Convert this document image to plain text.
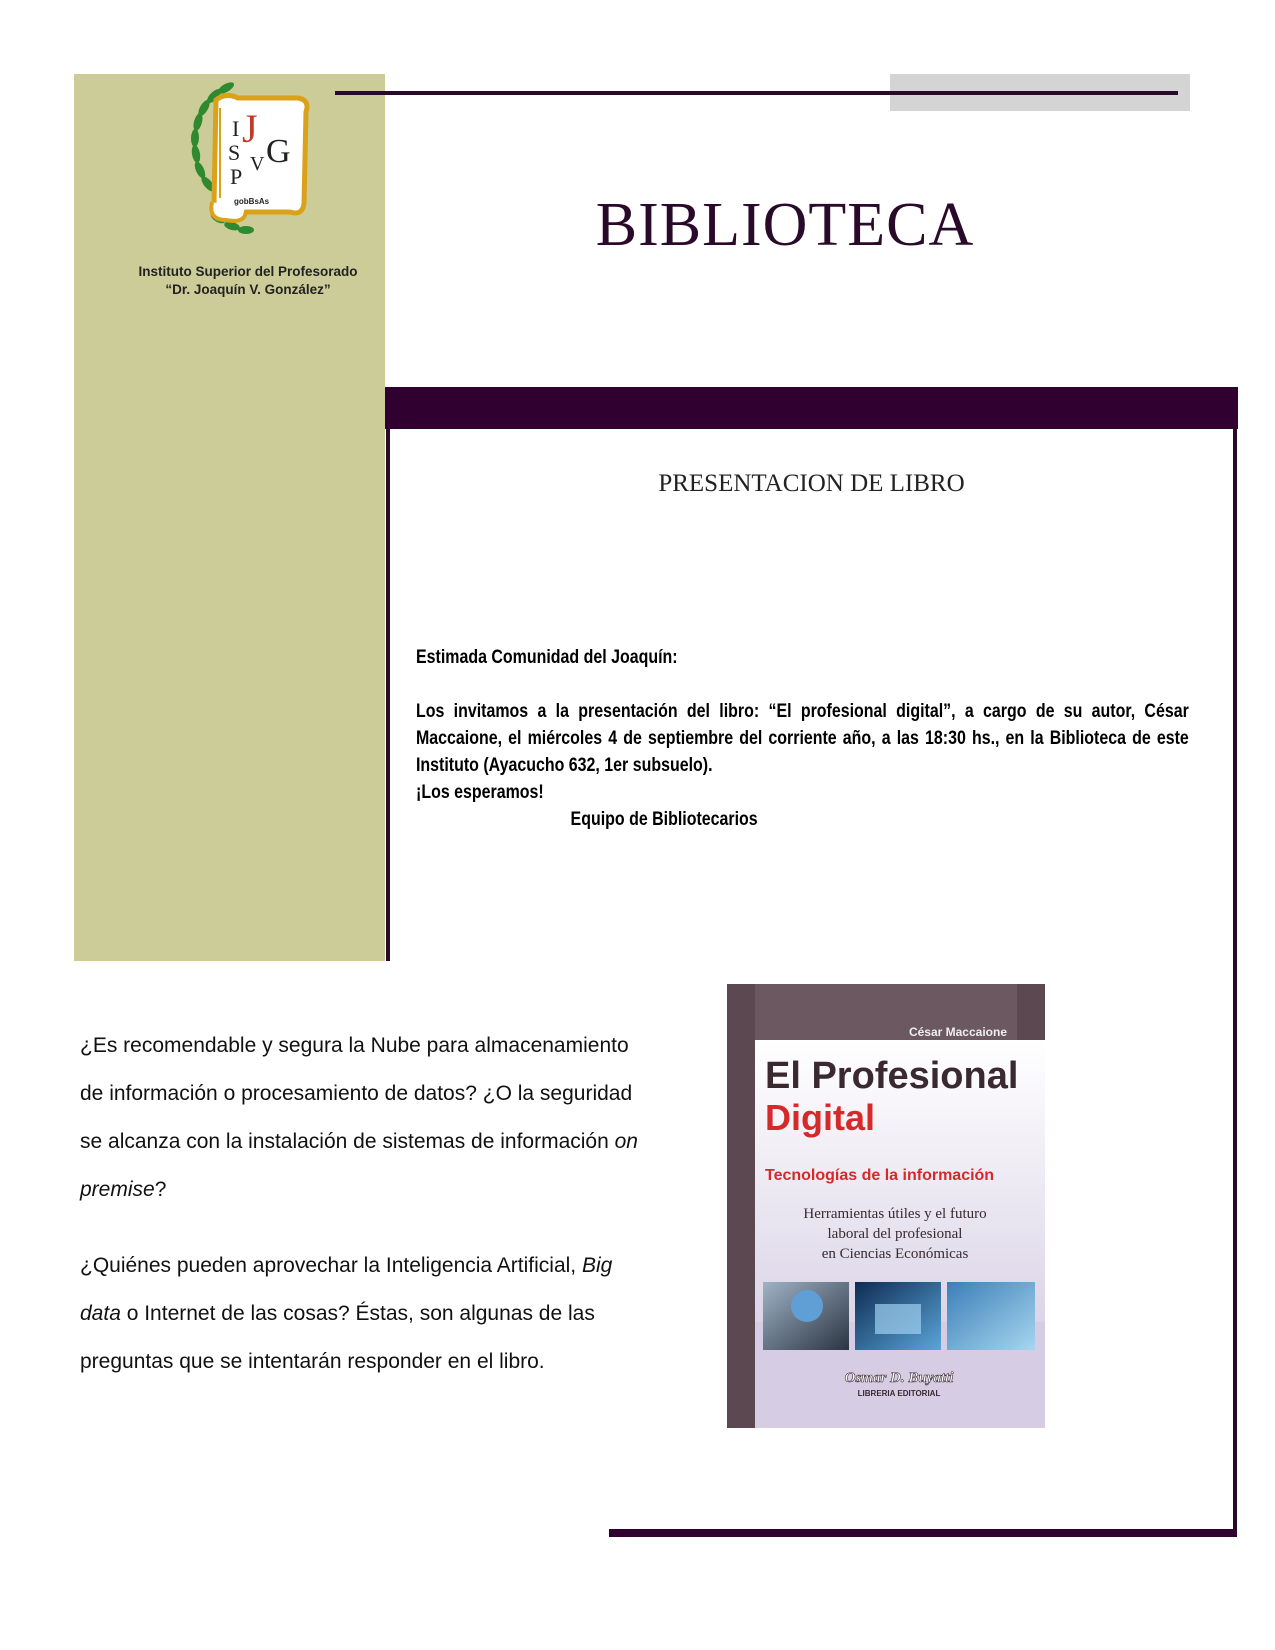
I
S
P V G
J
gobBsAs
Instituto Superior del Profesorado
“Dr. Joaquín V. González”
BIBLIOTECA
PRESENTACION DE LIBRO

Estimada Comunidad del Joaquín:

Los invitamos a la presentación del libro: “El profesional digital”, a cargo de su autor, César Maccaione, el miércoles 4 de septiembre del corriente año, a las 18:30 hs., en la Biblioteca de este Instituto (Ayacucho 632, 1er subsuelo).

¡Los esperamos!

Equipo de Bibliotecarios

¿Es recomendable y segura la Nube para almacenamiento de información o procesamiento de datos? ¿O la seguridad se alcanza con la instalación de sistemas de información on premise?

¿Quiénes pueden aprovechar la Inteligencia Artificial, Big data o Internet de las cosas? Éstas, son algunas de las preguntas que se intentarán responder en el libro.

César Maccaione
El Profesional
Digital
Tecnologías de la información
Herramientas útiles y el futuro
laboral del profesional
en Ciencias Económicas
Osmar D. Buyatti
LIBRERIA EDITORIAL
